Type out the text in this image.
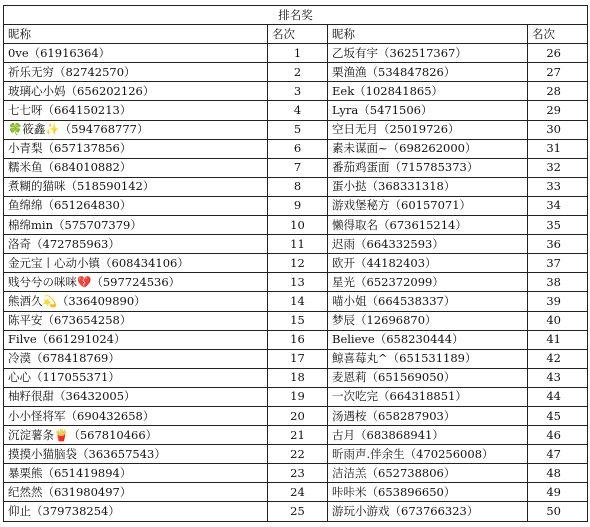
排名奖			
昵称	名次	昵称	名次
0ve（61916364）	1	乙坂有宇（362517367）	26
祈乐无穷（82742570）	2	栗渔渔（534847826）	27
玻璃心小妈（656202126）	3	Eek（102841865）	28
七七呀（664150213）	4	Lyra（5471506）	29
🍀筱鑫✨（594768777）	5	空日无月（25019726）	30
小青梨（657137856）	6	素未谋面~（698262000）	31
糯米鱼（684010882）	7	番茄鸡蛋面（715785373）	32
煮糊的猫咪（518590142）	8	蛋小挞（368331318）	33
鱼绵绵（651264830）	9	游戏堡秘方（60157071）	34
棉绵min（575707379）	10	懒得取名（673615214）	35
洛奇（472785963）	11	迟雨（664332593）	36
金元宝丨心动小镇（608434106）	12	欧开（44182403）	37
贱兮兮の咪咪💔（597724536）	13	星光（652372099）	38
熊酒久💫（336409890）	14	喵小姐（664538337）	39
陈平安（673654258）	15	梦辰（12696870）	40
Filve（661291024）	16	Believe（658230444）	41
冷漠（678418769）	17	鲸喜莓丸^（651531189）	42
心心（117055371）	18	麦恩莉（651569050）	43
柚籽很甜（36432005）	19	一次吃完（664318851）	44
小小怪将军（690432658）	20	汤遇桉（658287903）	45
沉淀薯条🍟（567810466）	21	古月（683868941）	46
摸摸小猫脑袋（363657543）	22	昕雨声.伴余生（470256008）	47
暴栗熊（651419894）	23	洁洁羔（652738806）	48
纪然然（631980497）	24	咔咔米（653896650）	49
仰止（379738254）	25	游玩小游戏（673766323）	50
